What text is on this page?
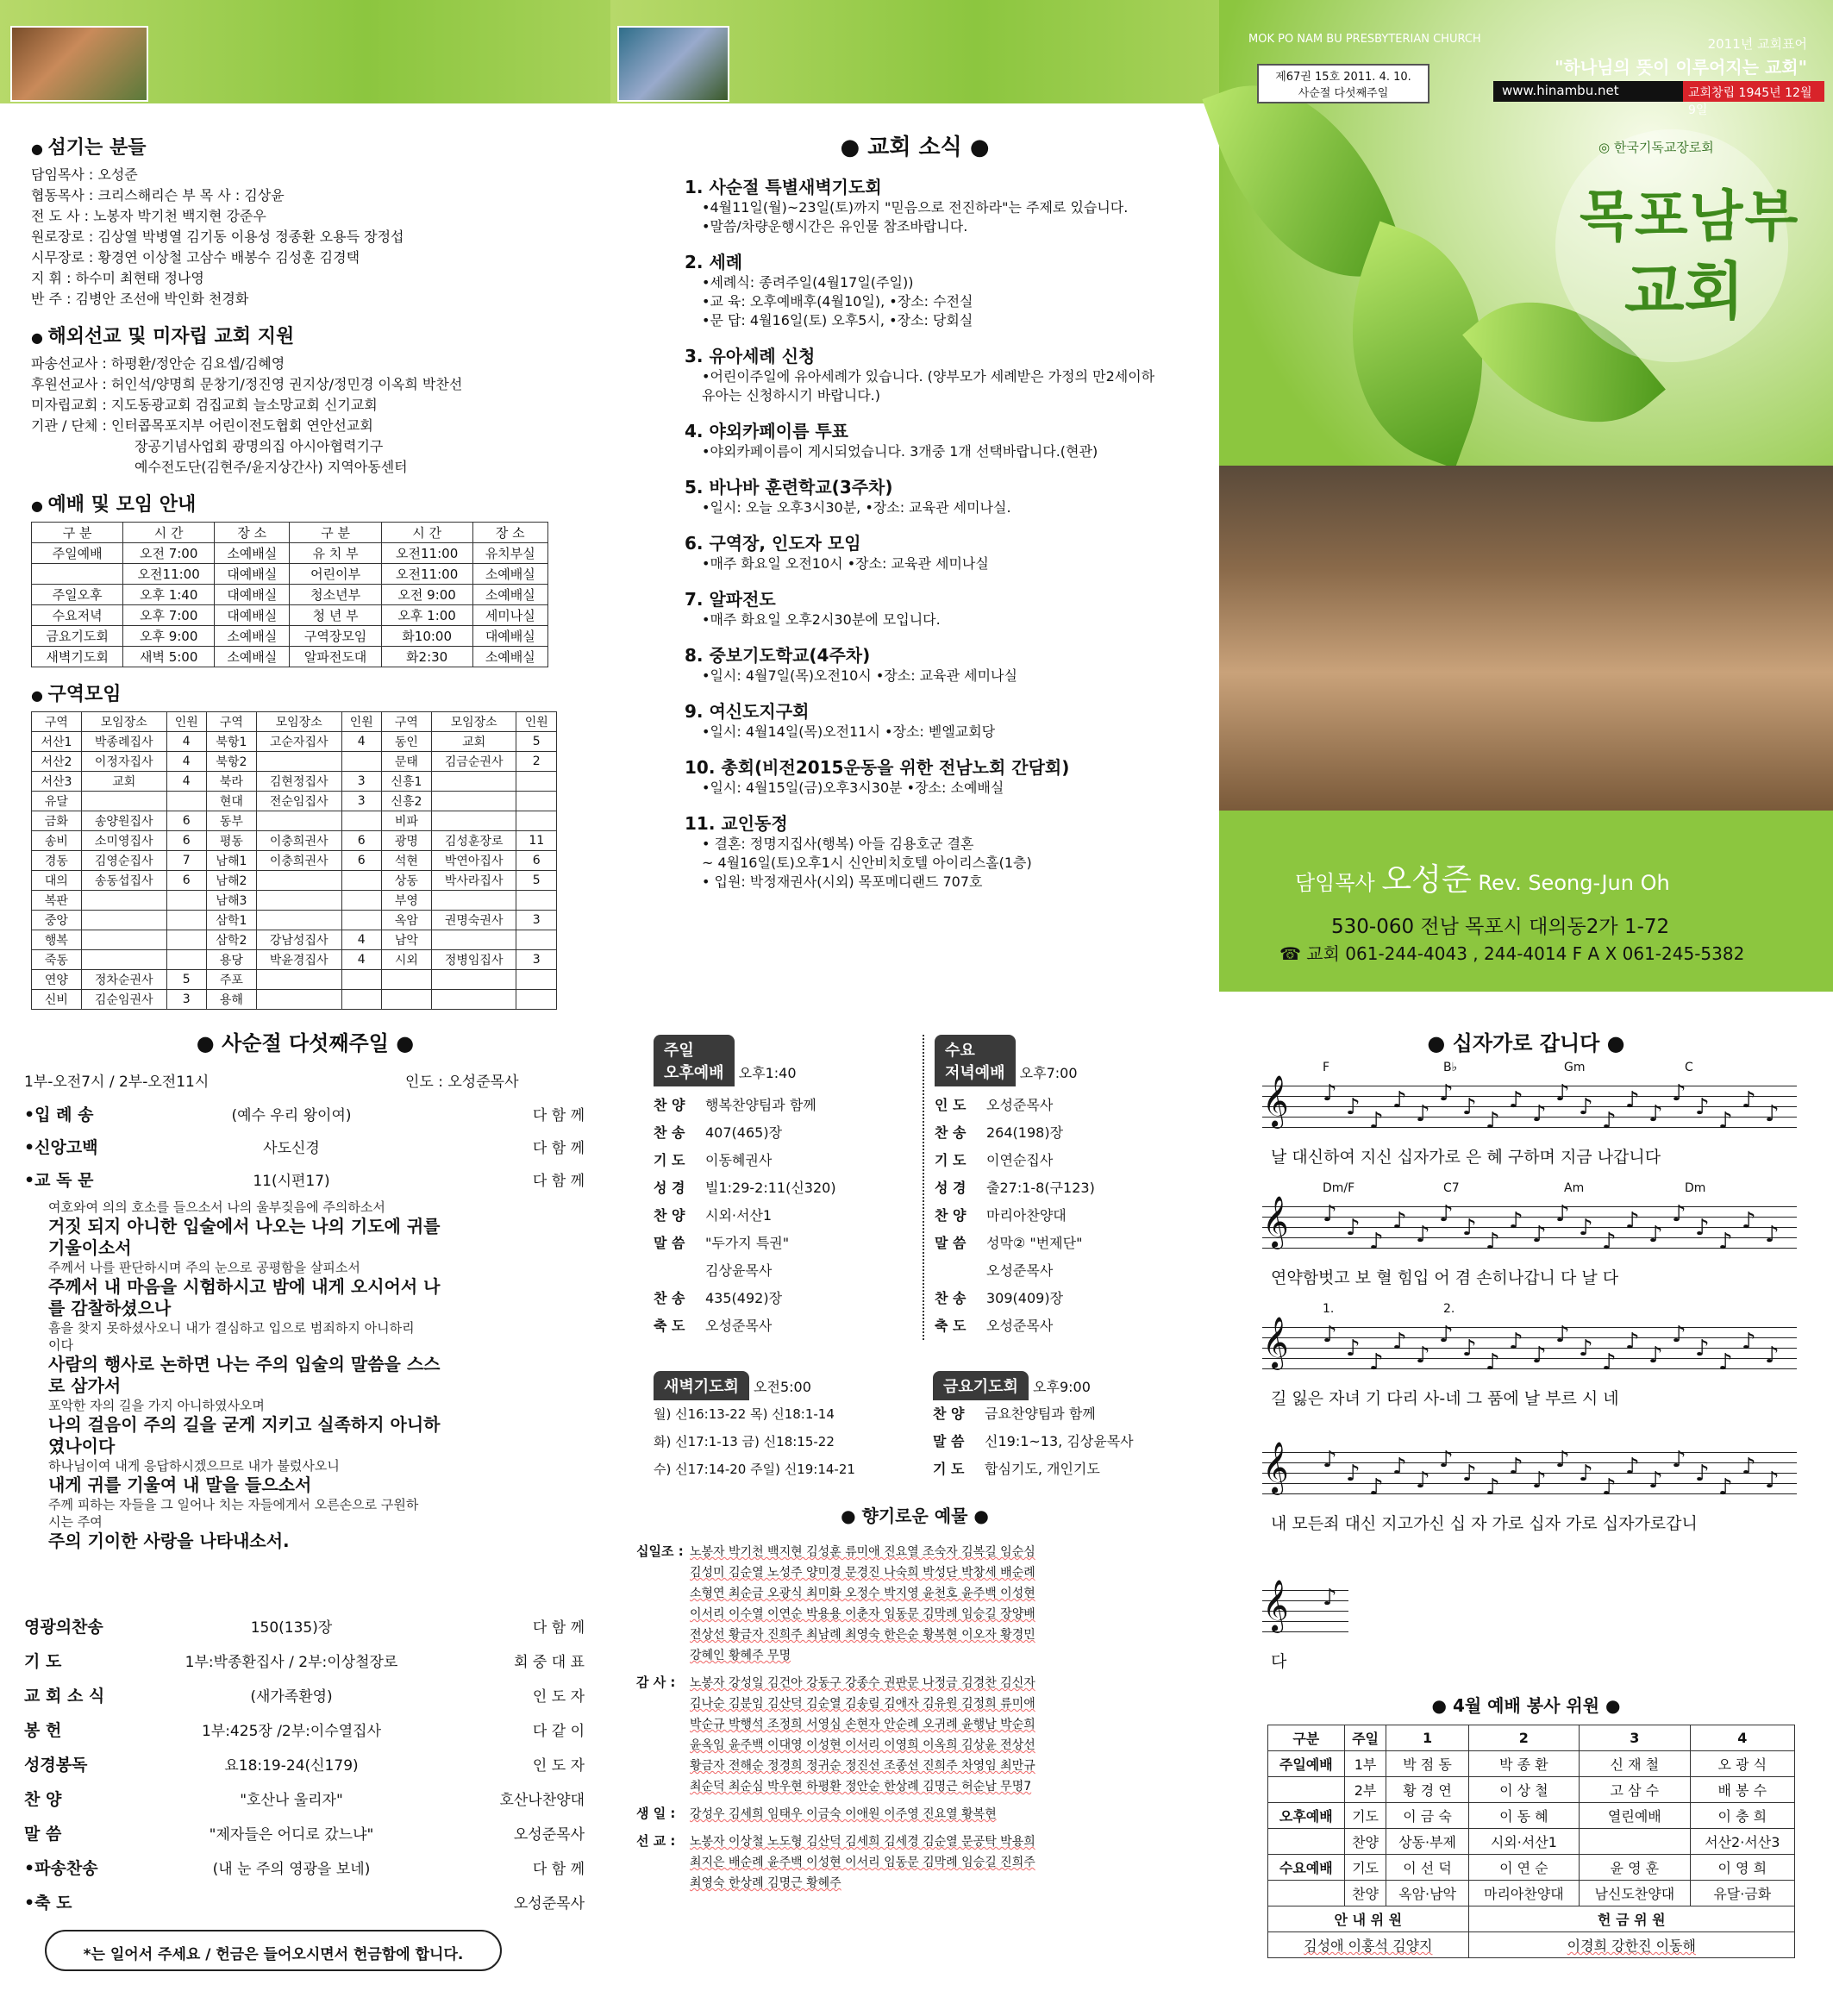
● 섬기는 분들
담임목사 : 오성준
협동목사 : 크리스해리슨 부 목 사 : 김상윤
전 도 사 : 노봉자 박기천 백지현 강준우
원로장로 : 김상열 박병열 김기동 이용성 정종환 오용득 장정섭
시무장로 : 황경연 이상철 고삼수 배봉수 김성훈 김경택
지 휘 : 하수미 최현태 정나영
반 주 : 김병안 조선애 박인화 천경화
● 해외선교 및 미자립 교회 지원
파송선교사 : 하평환/정안순 김요셉/김혜영
후원선교사 : 허인석/양명희 문창기/정진영 권지상/정민경 이옥희 박찬선
미자립교회 : 지도동광교회 검집교회 늘소망교회 신기교회
기관 / 단체 : 인터콥목포지부 어린이전도협회 연안선교회
장공기념사업회 광명의집 아시아협력기구
예수전도단(김현주/윤지상간사) 지역아동센터
● 예배 및 모임 안내
구 분	시 간	장 소	구 분	시 간	장 소
주일예배	오전 7:00	소예배실	유 치 부	오전11:00	유치부실
	오전11:00	대예배실	어린이부	오전11:00	소예배실
주일오후	오후 1:40	대예배실	청소년부	오전 9:00	소예배실
수요저녁	오후 7:00	대예배실	청 년 부	오후 1:00	세미나실
금요기도회	오후 9:00	소예배실	구역장모임	화10:00	대예배실
새벽기도회	새벽 5:00	소예배실	알파전도대	화2:30	소예배실
● 구역모임
구역	모임장소	인원	구역	모임장소	인원	구역	모임장소	인원
서산1	박종례집사	4	북항1	고순자집사	4	동인	교회	5
서산2	이정자집사	4	북항2			문태	김금순권사	2
서산3	교회	4	북라	김현정집사	3	신흥1		
유달			현대	전순임집사	3	신흥2		
금화	송양원집사	6	동부			비파		
송비	소미영집사	6	평동	이충희권사	6	광명	김성훈장로	11
경동	김영순집사	7	남해1	이충희권사	6	석현	박연아집사	6
대의	송동섭집사	6	남해2			상동	박사라집사	5
복판			남해3			부영		
중앙			삼학1			옥암	권명숙권사	3
행복			삼학2	강남성집사	4	남악		
죽동			용당	박윤경집사	4	시외	정병임집사	3
연양	정차순권사	5	주포					
신비	김순임권사	3	용해					
● 교회 소식 ●
1. 사순절 특별새벽기도회
•4월11일(월)~23일(토)까지 "믿음으로 전진하라"는 주제로 있습니다.
•말씀/차량운행시간은 유인물 참조바랍니다.
2. 세례
•세례식: 종려주일(4월17일(주일))
•교 육: 오후예배후(4월10일), •장소: 수전실
•문 답: 4월16일(토) 오후5시, •장소: 당회실
3. 유아세례 신청
•어린이주일에 유아세례가 있습니다. (양부모가 세례받은 가정의 만2세이하
유아는 신청하시기 바랍니다.)
4. 야외카페이름 투표
•야외카페이름이 게시되었습니다. 3개중 1개 선택바랍니다.(현관)
5. 바나바 훈련학교(3주차)
•일시: 오늘 오후3시30분, •장소: 교육관 세미나실.
6. 구역장, 인도자 모임
•매주 화요일 오전10시 •장소: 교육관 세미나실
7. 알파전도
•매주 화요일 오후2시30분에 모입니다.
8. 중보기도학교(4주차)
•일시: 4월7일(목)오전10시 •장소: 교육관 세미나실
9. 여신도지구회
•일시: 4월14일(목)오전11시 •장소: 벧엘교회당
10. 총회(비전2015운동을 위한 전남노회 간담회)
•일시: 4월15일(금)오후3시30분 •장소: 소예배실
11. 교인동정
• 결혼: 정명지집사(행복) 아들 김용호군 결혼
~ 4월16일(토)오후1시 신안비치호텔 아이리스홀(1층)
• 입원: 박정재권사(시외) 목포메디랜드 707호
MOK PO NAM BU PRESBYTERIAN CHURCH	2011년 교회표어
"하나님의 뜻이 이루어지는 교회"
제67권 15호 2011. 4. 10.
사순절 다섯째주일	www.hinambu.net	교회창립 1945년 12월 9일
◎ 한국기독교장로회
목포남부
교회
담임목사 오성준 Rev. Seong-Jun Oh
530-060 전남 목포시 대의동2가 1-72
☎ 교회 061-244-4043 , 244-4014 F A X 061-245-5382
● 사순절 다섯째주일 ●
1부-오전7시 / 2부-오전11시	인도 : 오성준목사
•입 례 송	(예수 우리 왕이여)	다 함 께
•신앙고백	사도신경	다 함 께
•교 독 문	11(시편17)	다 함 께
여호와여 의의 호소를 들으소서 나의 울부짖음에 주의하소서
거짓 되지 아니한 입술에서 나오는 나의 기도에 귀를
기울이소서
주께서 나를 판단하시며 주의 눈으로 공평함을 살피소서
주께서 내 마음을 시험하시고 밤에 내게 오시어서 나
를 감찰하셨으나
흠을 찾지 못하셨사오니 내가 결심하고 입으로 범죄하지 아니하리
이다
사람의 행사로 논하면 나는 주의 입술의 말씀을 스스
로 삼가서
포악한 자의 길을 가지 아니하였사오며
나의 걸음이 주의 길을 굳게 지키고 실족하지 아니하
였나이다
하나님이여 내게 응답하시겠으므로 내가 불렀사오니
내게 귀를 기울여 내 말을 들으소서
주께 피하는 자들을 그 일어나 치는 자들에게서 오른손으로 구원하
시는 주여
주의 기이한 사랑을 나타내소서.
영광의찬송	150(135)장	다 함 께
기 도	1부:박종환집사 / 2부:이상철장로	회 중 대 표
교 회 소 식	(새가족환영)	인 도 자
봉 헌	1부:425장 /2부:이수열집사	다 같 이
성경봉독	요18:19-24(신179)	인 도 자
찬 양	"호산나 울리자"	호산나찬양대
말 씀	"제자들은 어디로 갔느냐"	오성준목사
•파송찬송	(내 눈 주의 영광을 보네)	다 함 께
•축 도	오성준목사
*는 일어서 주세요 / 헌금은 들어오시면서 헌금함에 합니다.
주일
오후예배 오후1:40
찬 양 행복찬양팀과 함께
찬 송 407(465)장
기 도 이동혜권사
성 경 빌1:29-2:11(신320)
찬 양 시외·서산1
말 씀 "두가지 특권"
김상윤목사
찬 송 435(492)장
축 도 오성준목사
수요
저녁예배 오후7:00
인 도 오성준목사
찬 송 264(198)장
기 도 이연순집사
성 경 출27:1-8(구123)
찬 양 마리아찬양대
말 씀 성막② "번제단"
오성준목사
찬 송 309(409)장
축 도 오성준목사
새벽기도회 오전5:00
월) 신16:13-22 목) 신18:1-14
화) 신17:1-13 금) 신18:15-22
수) 신17:14-20 주일) 신19:14-21
금요기도회 오후9:00
찬 양 금요찬양팀과 함께
말 씀 신19:1~13, 김상윤목사
기 도 합심기도, 개인기도
● 향기로운 예물 ●
십일조 : 노봉자 박기천 백지현 김성훈 류미애 진요열 조숙자 김복길 임순심
김성미 김순열 노성주 양미경 문경진 나숙희 박성단 박창세 배순례
소형연 최순금 오광식 최미화 오정수 박지영 윤천호 윤주백 이성현
이서리 이수열 이연순 박용용 이춘자 임동문 김막례 임승길 장양배
전상선 황금자 진희주 최남례 최영숙 한은순 황복현 이오자 황경민
강혜인 황혜주 무명
감 사 : 노봉자 강성일 김건아 강동구 강종수 권판문 나정금 김경찬 김신자
김나순 김분임 김산덕 김순열 김송림 김애자 김유원 김정희 류미애
박순규 박행석 조정희 서영심 손현자 안순례 오귀례 윤행남 박순희
윤옥임 윤주백 이대영 이성현 이서리 이영희 이옥희 김상윤 전상선
황금자 전해순 정경희 정귀순 정진선 조종선 진희주 차영임 최만규
최순덕 최순심 박우현 하평환 정안순 한상례 김명근 허순남 무명7
생 일 : 강성우 김세희 임태우 이금숙 이애원 이주영 진요열 황복현
선 교 : 노봉자 이상철 노도형 김산덕 김세희 김세경 김순열 문공탁 박용희
최지은 배순례 윤주백 이성현 이서리 임동문 김막례 임승길 진희주
최영숙 한상례 김명근 황혜주
● 십자가로 갑니다 ●
𝄞 ♪
♪
♪
♪
♪
♪
♪
♪
♪
♪
♪
♪
♪
♪
♪
♪
♪
♪
♪
♪
날 대신하여 지신 십자가로 은 혜 구하며 지금 나갑니다
𝄞 ♪
♪
♪
♪
♪
♪
♪
♪
♪
♪
♪
♪
♪
♪
♪
♪
♪
♪
♪
♪
연약함벗고 보 혈 힘입 어 겸 손히나갑니 다 날 다
𝄞 ♪
♪
♪
♪
♪
♪
♪
♪
♪
♪
♪
♪
♪
♪
♪
♪
♪
♪
♪
♪
길 잃은 자녀 기 다리 사-네 그 품에 날 부르 시 네
𝄞 ♪
♪
♪
♪
♪
♪
♪
♪
♪
♪
♪
♪
♪
♪
♪
♪
♪
♪
♪
♪
내 모든죄 대신 지고가신 십 자 가로 십자 가로 십자가로갑니
𝄞 ♪
다
F	B♭	Gm	C
Dm/F	C7	Am	Dm
1.	2.
● 4월 예배 봉사 위원 ●
구분	주일	1	2	3	4
주일예배	1부	박 점 동	박 종 환	신 재 철	오 광 식
	2부	황 경 연	이 상 철	고 삼 수	배 봉 수
오후예배	기도	이 금 숙	이 동 혜	열린예배	이 충 희
	찬양	상동·부제	시외·서산1		서산2·서산3
수요예배	기도	이 선 덕	이 연 순	윤 영 훈	이 영 희
	찬양	옥암·남악	마리아찬양대	남신도찬양대	유달·금화
안 내 위 원			헌 금 위 원		
김성애 이홍석 김양지			이경희 강한진 이동해		
